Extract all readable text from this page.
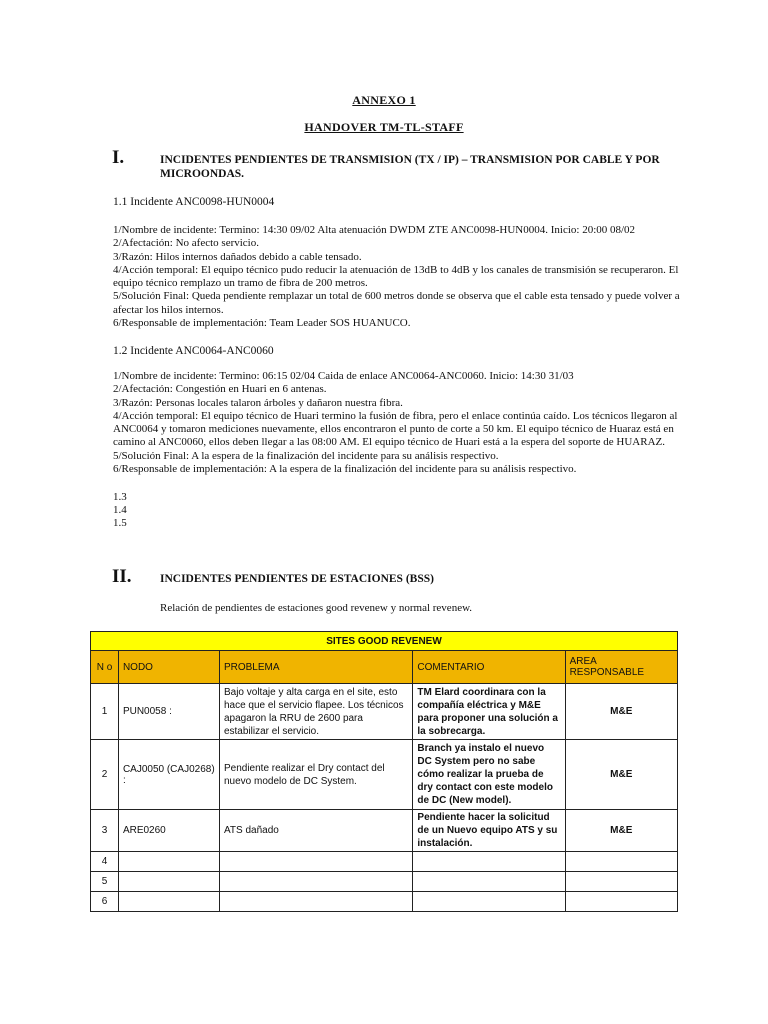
ANNEXO 1
HANDOVER TM-TL-STAFF
I.	INCIDENTES PENDIENTES DE TRANSMISION (TX / IP) – TRANSMISION POR CABLE Y POR MICROONDAS.
1.1 Incidente ANC0098-HUN0004
1/Nombre de incidente: Termino: 14:30 09/02 Alta atenuación DWDM ZTE ANC0098-HUN0004. Inicio: 20:00 08/02
2/Afectación: No afecto servicio.
3/Razón: Hilos internos dañados debido a cable tensado.
4/Acción temporal: El equipo técnico pudo reducir la atenuación de 13dB to 4dB y los canales de transmisión se recuperaron. El equipo técnico remplazo un tramo de fibra de 200 metros.
5/Solución Final: Queda pendiente remplazar un total de 600 metros donde se observa que el cable esta tensado y puede volver a afectar los hilos internos.
6/Responsable de implementación: Team Leader SOS HUANUCO.
1.2 Incidente ANC0064-ANC0060
1/Nombre de incidente: Termino: 06:15 02/04 Caida de enlace ANC0064-ANC0060. Inicio: 14:30 31/03
2/Afectación: Congestión en Huari en 6 antenas.
3/Razón: Personas locales talaron árboles y dañaron nuestra fibra.
4/Acción temporal: El equipo técnico de Huari termino la fusión de fibra, pero el enlace continúa caído. Los técnicos llegaron al ANC0064 y tomaron mediciones nuevamente, ellos encontraron el punto de corte a 50 km. El equipo técnico de Huaraz está en camino al ANC0060, ellos deben llegar a las 08:00 AM. El equipo técnico de Huari está a la espera del soporte de HUARAZ.
5/Solución Final: A la espera de la finalización del incidente para su análisis respectivo.
6/Responsable de implementación: A la espera de la finalización del incidente para su análisis respectivo.
1.3
1.4
1.5
II. INCIDENTES PENDIENTES DE ESTACIONES (BSS)
Relación de pendientes de estaciones good revenew y normal revenew.
SITES GOOD REVENEW				
N o	NODO	PROBLEMA	COMENTARIO	AREA RESPONSABLE
1	PUN0058 :	Bajo voltaje y alta carga en el site, esto hace que el servicio flapee. Los técnicos apagaron la RRU de 2600 para estabilizar el servicio.	TM Elard coordinara con la compañía eléctrica y M&E para proponer una solución a la sobrecarga.	M&E
2	CAJ0050 (CAJ0268) :	Pendiente realizar el Dry contact del nuevo modelo de DC System.	Branch ya instalo el nuevo DC System pero no sabe cómo realizar la prueba de dry contact con este modelo de DC (New model).	M&E
3	ARE0260	ATS dañado	Pendiente hacer la solicitud de un Nuevo equipo ATS y su instalación.	M&E
4				
5				
6				
